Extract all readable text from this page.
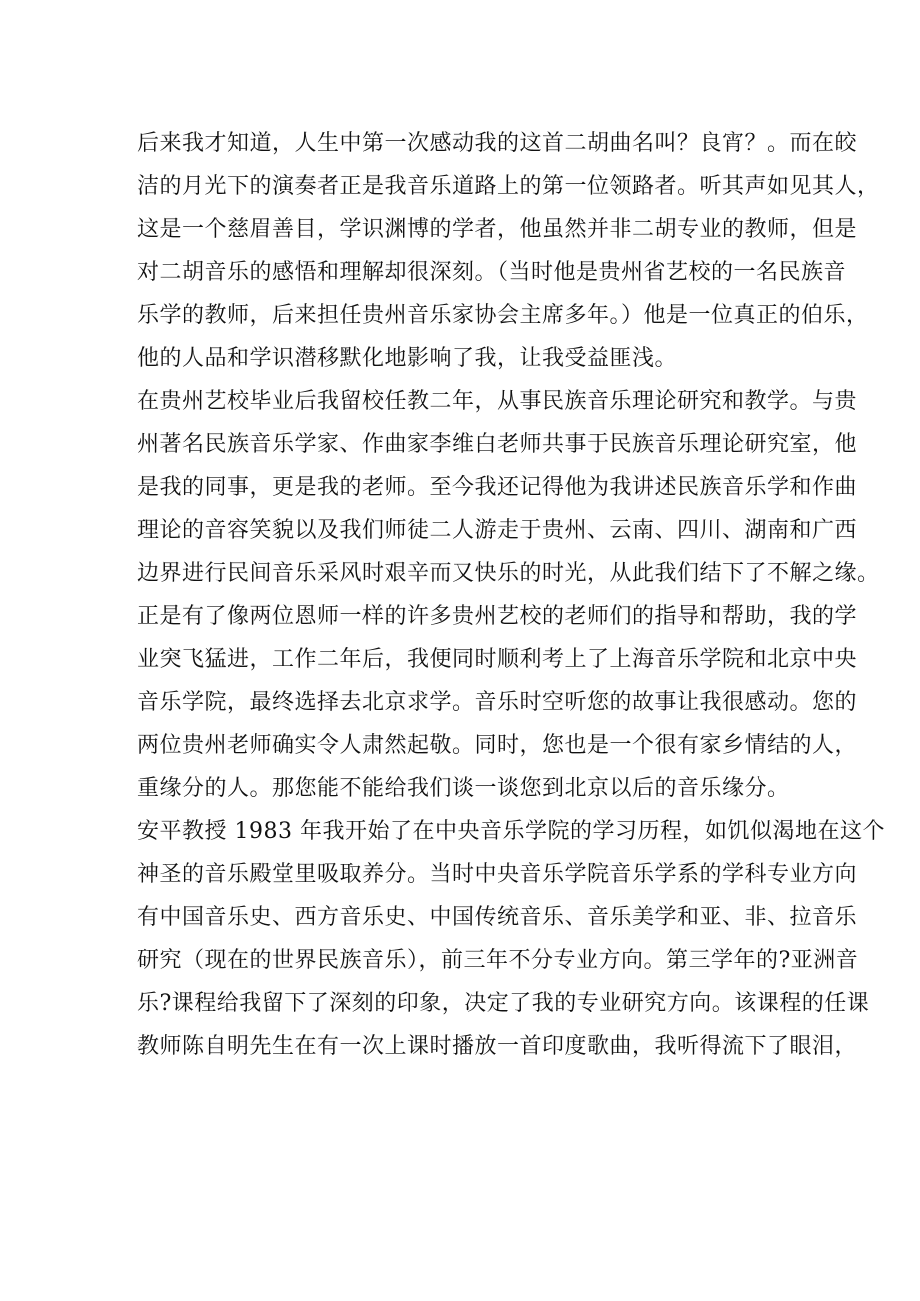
后来我才知道，人生中第一次感动我的这首二胡曲名叫？良宵？。而在皎
洁的月光下的演奏者正是我音乐道路上的第一位领路者。听其声如见其人，
这是一个慈眉善目，学识渊博的学者，他虽然并非二胡专业的教师，但是
对二胡音乐的感悟和理解却很深刻。（当时他是贵州省艺校的一名民族音
乐学的教师，后来担任贵州音乐家协会主席多年。）他是一位真正的伯乐，
他的人品和学识潜移默化地影响了我，让我受益匪浅。
在贵州艺校毕业后我留校任教二年，从事民族音乐理论研究和教学。与贵
州著名民族音乐学家、作曲家李维白老师共事于民族音乐理论研究室，他
是我的同事，更是我的老师。至今我还记得他为我讲述民族音乐学和作曲
理论的音容笑貌以及我们师徒二人游走于贵州、云南、四川、湖南和广西
边界进行民间音乐采风时艰辛而又快乐的时光，从此我们结下了不解之缘。
正是有了像两位恩师一样的许多贵州艺校的老师们的指导和帮助，我的学
业突飞猛进，工作二年后，我便同时顺利考上了上海音乐学院和北京中央
音乐学院，最终选择去北京求学。音乐时空听您的故事让我很感动。您的
两位贵州老师确实令人肃然起敬。同时，您也是一个很有家乡情结的人，
重缘分的人。那您能不能给我们谈一谈您到北京以后的音乐缘分。
安平教授 1983 年我开始了在中央音乐学院的学习历程，如饥似渴地在这个
神圣的音乐殿堂里吸取养分。当时中央音乐学院音乐学系的学科专业方向
有中国音乐史、西方音乐史、中国传统音乐、音乐美学和亚、非、拉音乐
研究（现在的世界民族音乐），前三年不分专业方向。第三学年的?亚洲音
乐?课程给我留下了深刻的印象，决定了我的专业研究方向。该课程的任课
教师陈自明先生在有一次上课时播放一首印度歌曲，我听得流下了眼泪，
